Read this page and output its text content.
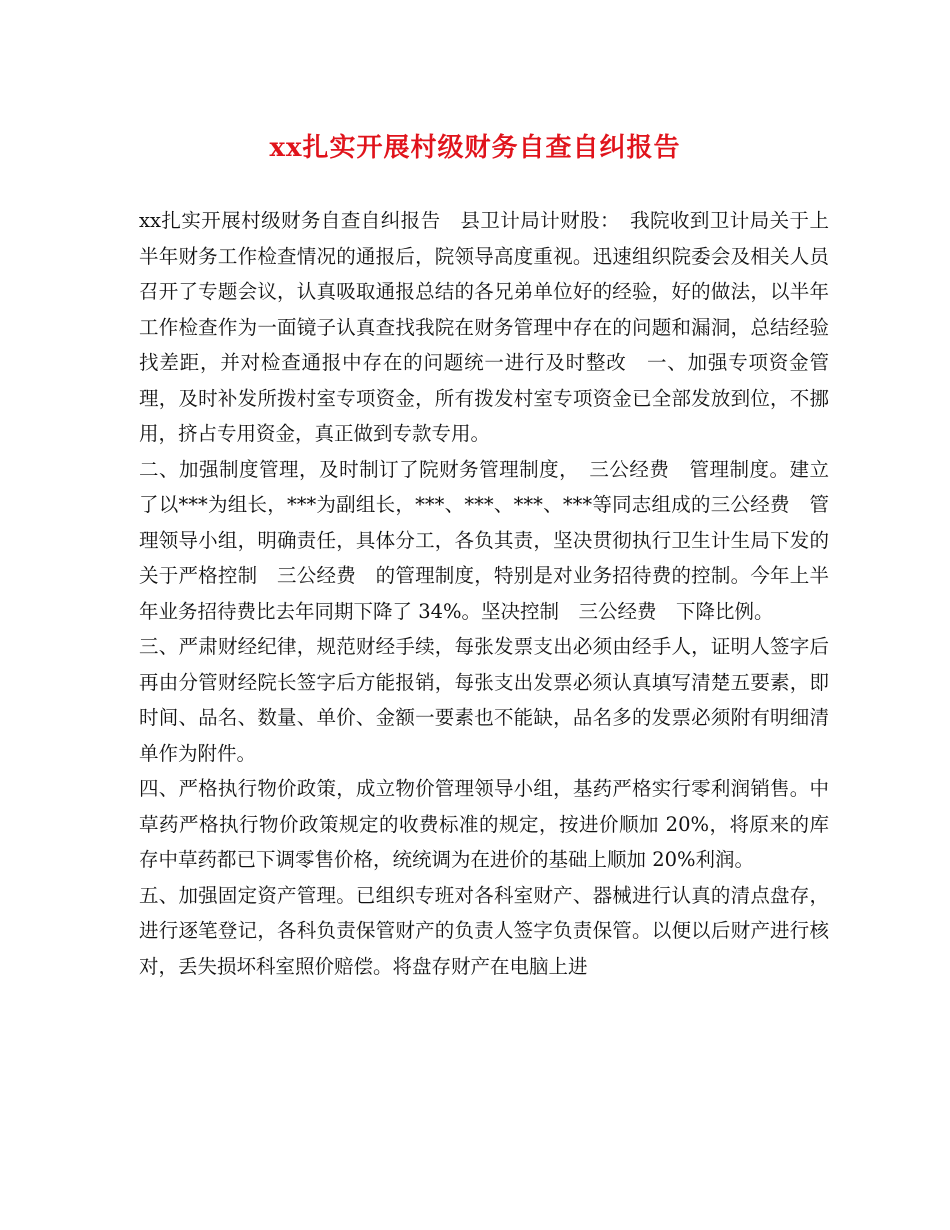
xx扎实开展村级财务自查自纠报告

xx扎实开展村级财务自查自纠报告　县卫计局计财股：　我院收到卫计局关于上半年财务工作检查情况的通报后，院领导高度重视。迅速组织院委会及相关人员召开了专题会议，认真吸取通报总结的各兄弟单位好的经验，好的做法，以半年工作检查作为一面镜子认真查找我院在财务管理中存在的问题和漏洞，总结经验找差距，并对检查通报中存在的问题统一进行及时整改　一、加强专项资金管理，及时补发所拨村室专项资金，所有拨发村室专项资金已全部发放到位，不挪用，挤占专用资金，真正做到专款专用。

二、加强制度管理，及时制订了院财务管理制度，　三公经费　管理制度。建立了以***为组长，***为副组长，***、***、***、***等同志组成的三公经费　管理领导小组，明确责任，具体分工，各负其责，坚决贯彻执行卫生计生局下发的关于严格控制　三公经费　的管理制度，特别是对业务招待费的控制。今年上半年业务招待费比去年同期下降了 34%。坚决控制　三公经费　下降比例。

三、严肃财经纪律，规范财经手续，每张发票支出必须由经手人，证明人签字后再由分管财经院长签字后方能报销，每张支出发票必须认真填写清楚五要素，即时间、品名、数量、单价、金额一要素也不能缺，品名多的发票必须附有明细清单作为附件。

四、严格执行物价政策，成立物价管理领导小组，基药严格实行零利润销售。中草药严格执行物价政策规定的收费标准的规定，按进价顺加 20%，将原来的库存中草药都已下调零售价格，统统调为在进价的基础上顺加 20%利润。

五、加强固定资产管理。已组织专班对各科室财产、器械进行认真的清点盘存，进行逐笔登记，各科负责保管财产的负责人签字负责保管。以便以后财产进行核对，丢失损坏科室照价赔偿。将盘存财产在电脑上进
